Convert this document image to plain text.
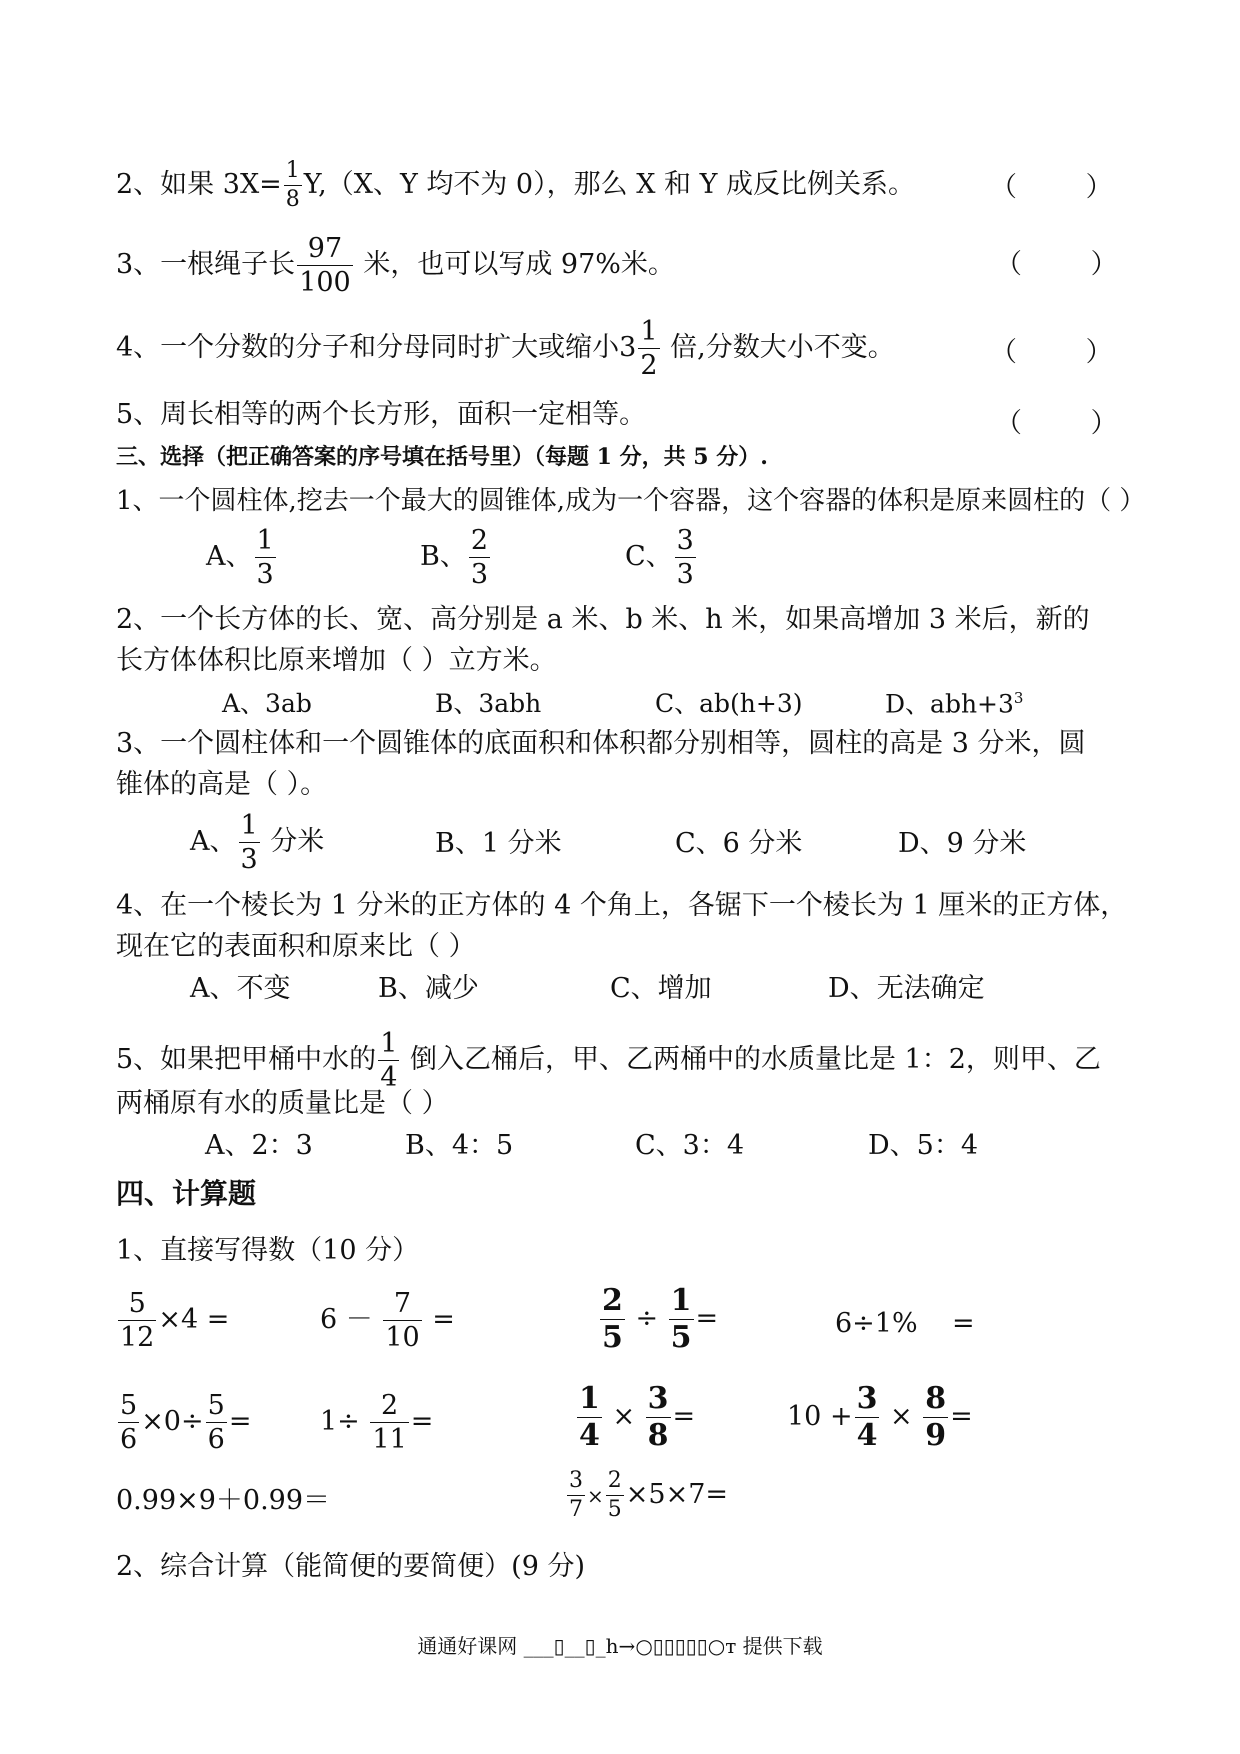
2、如果 $3X= \frac{1}{8} Y,(X$、Y 均不为 0），那么 X 和 Y 成反比例关系。	（        ）
3、一根绳子长 $\frac{97}{100}$ 米，也可以写成 97%米。	（        ）
4、一个分数的分子和分母同时扩大或缩小$3 \frac{1}{2}$ 倍,分数大小不变。	（        ）
5、周长相等的两个长方形，面积一定相等。	（        ）
三、选择（把正确答案的序号填在括号里）（每题 1 分，共 5 分）.
1、一个圆柱体,挖去一个最大的圆锥体,成为一个容器，这个容器的体积是原来圆柱的（ ）
A、 $\frac{1}{3}$	B、 $\frac{2}{3}$	C、 $\frac{3}{3}$
2、一个长方体的长、宽、高分别是 a 米、b 米、h 米，如果高增加 3 米后，新的
长方体体积比原来增加（ ）立方米。
A、3ab	B、3abh	C、ab(h+3)	D、$abh+3^3$
3、一个圆柱体和一个圆锥体的底面积和体积都分别相等，圆柱的高是 3 分米，圆
锥体的高是（ ）。
A、 $\frac{1}{3}$ 分米	B、1 分米	C、6 分米	D、9 分米
4、在一个棱长为 1 分米的正方体的 4 个角上，各锯下一个棱长为 1 厘米的正方体，
现在它的表面积和原来比（ ）
A、不变	B、减少	C、增加	D、无法确定
5、如果把甲桶中水的 $\frac{1}{4}$ 倒入乙桶后，甲、乙两桶中的水质量比是 1：2，则甲、乙
两桶原有水的质量比是（ ）
A、2：3	B、4：5	C、3：4	D、5：4
四、计算题
1、直接写得数（10 分）
$\frac{5}{12} \times 4$ =	$6 - \frac{7}{10}$ =	$\frac{2}{5} \div \frac{1}{5}$ =	6÷1%    =
$\frac{5}{6} \times 0\div \frac{5}{6}$ =	$1\div \frac{2}{11}$ =	$\frac{1}{4} \times \frac{3}{8}$ =	$10 + \frac{3}{4} \times \frac{8}{9}$ =
0.99×9＋0.99＝	$\frac{3}{7} \times \frac{2}{5} \times 5\times 7=$
2、综合计算（能简便的要简便）(9 分)
通通好课网 ___▯__▯_h→○▯▯▯▯▯○т 提供下载
